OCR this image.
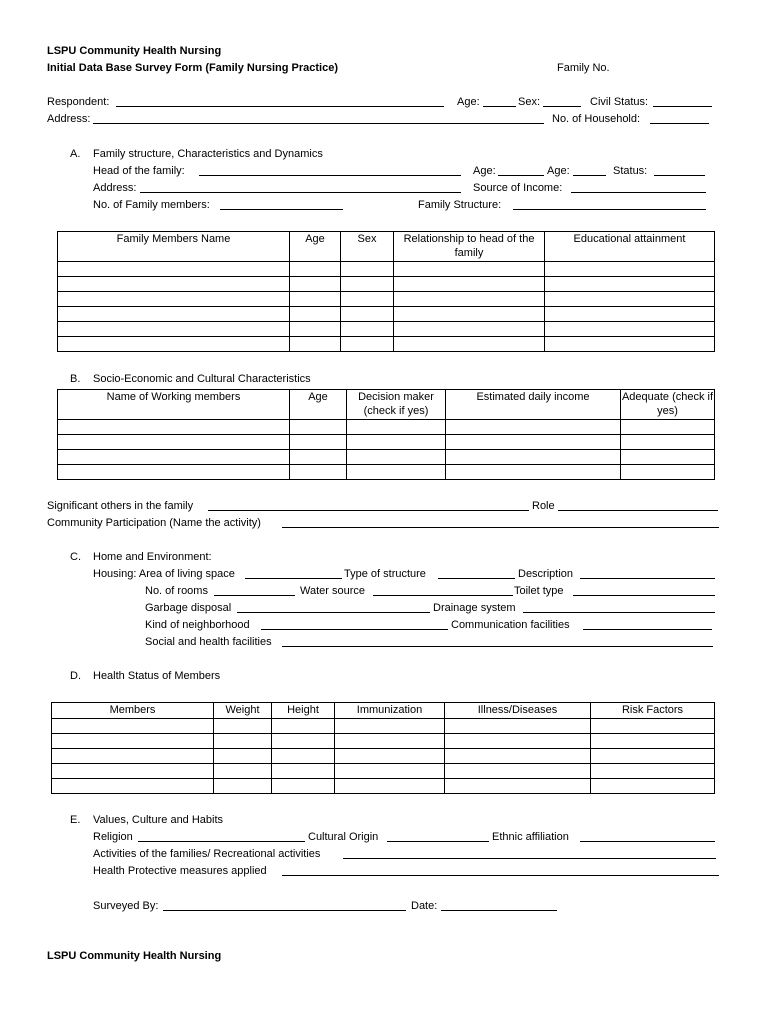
LSPU Community Health Nursing
Initial Data Base Survey Form (Family Nursing Practice)	Family No.
Respondent:	Age:	Sex:	Civil Status:
Address:	No. of Household:
A. Family structure, Characteristics and Dynamics
Head of the family:	Age:	Age:	Status:
Address:	Source of Income:
No. of Family members:	Family Structure:
Family Members Name	Age	Sex	Relationship to head of the family	Educational attainment

B. Socio-Economic and Cultural Characteristics
Name of Working members	Age	Decision maker (check if yes)	Estimated daily income	Adequate (check if yes)

Significant others in the family	Role
Community Participation (Name the activity)
C. Home and Environment:
Housing: Area of living space	Type of structure	Description
No. of rooms	Water source	Toilet type
Garbage disposal	Drainage system
Kind of neighborhood	Communication facilities
Social and health facilities
D. Health Status of Members
Members	Weight	Height	Immunization	Illness/Diseases	Risk Factors

E. Values, Culture and Habits
Religion	Cultural Origin	Ethnic affiliation
Activities of the families/ Recreational activities
Health Protective measures applied
Surveyed By:	Date:
LSPU Community Health Nursing
